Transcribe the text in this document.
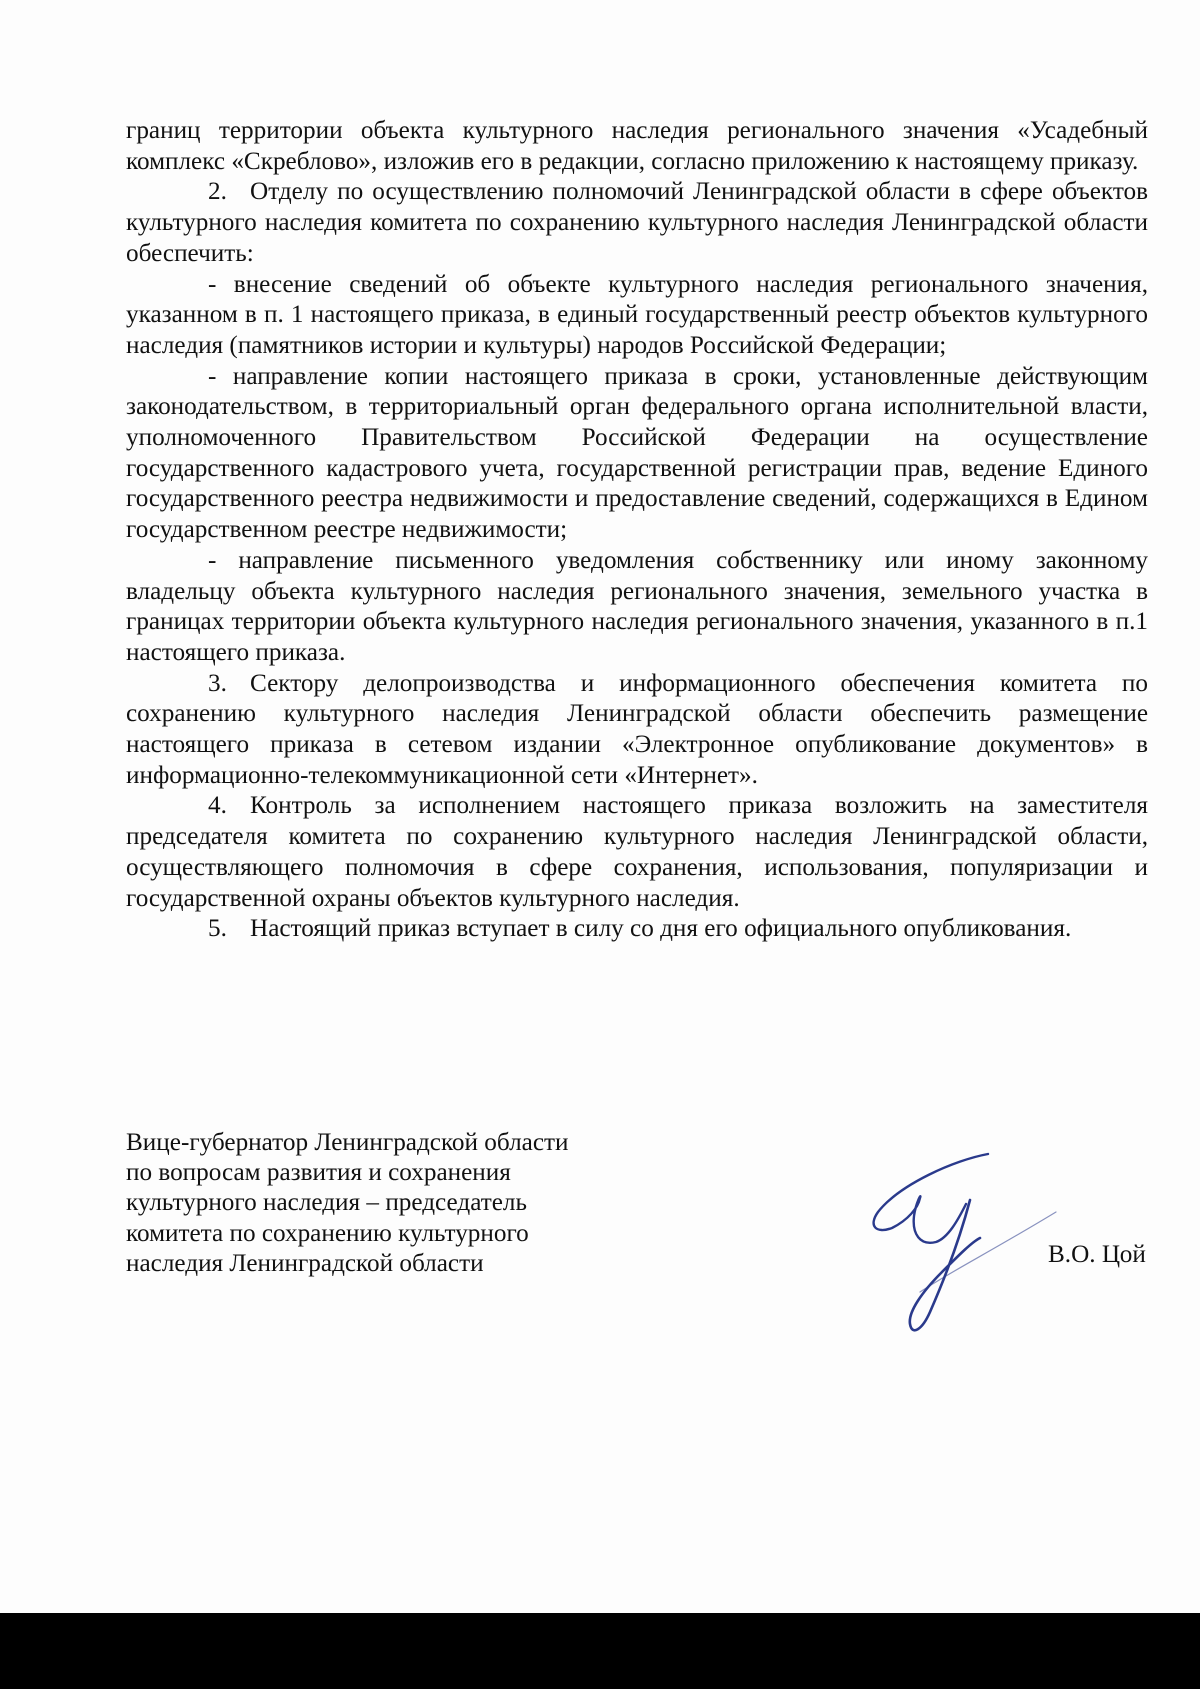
границ территории объекта культурного наследия регионального значения «Усадебный комплекс «Скреблово», изложив его в редакции, согласно приложению к настоящему приказу.

2. Отделу по осуществлению полномочий Ленинградской области в сфере объектов культурного наследия комитета по сохранению культурного наследия Ленинградской области обеспечить:

- внесение сведений об объекте культурного наследия регионального значения, указанном в п. 1 настоящего приказа, в единый государственный реестр объектов культурного наследия (памятников истории и культуры) народов Российской Федерации;

- направление копии настоящего приказа в сроки, установленные действующим законодательством, в территориальный орган федерального органа исполнительной власти, уполномоченного Правительством Российской Федерации на осуществление государственного кадастрового учета, государственной регистрации прав, ведение Единого государственного реестра недвижимости и предоставление сведений, содержащихся в Едином государственном реестре недвижимости;

- направление письменного уведомления собственнику или иному законному владельцу объекта культурного наследия регионального значения, земельного участка в границах территории объекта культурного наследия регионального значения, указанного в п.1 настоящего приказа.

3. Сектору делопроизводства и информационного обеспечения комитета по сохранению культурного наследия Ленинградской области обеспечить размещение настоящего приказа в сетевом издании «Электронное опубликование документов» в информационно-телекоммуникационной сети «Интернет».

4. Контроль за исполнением настоящего приказа возложить на заместителя председателя комитета по сохранению культурного наследия Ленинградской области, осуществляющего полномочия в сфере сохранения, использования, популяризации и государственной охраны объектов культурного наследия.

5. Настоящий приказ вступает в силу со дня его официального опубликования.

Вице-губернатор Ленинградской области
по вопросам развития и сохранения
культурного наследия – председатель
комитета по сохранению культурного
наследия Ленинградской области	В.О. Цой
